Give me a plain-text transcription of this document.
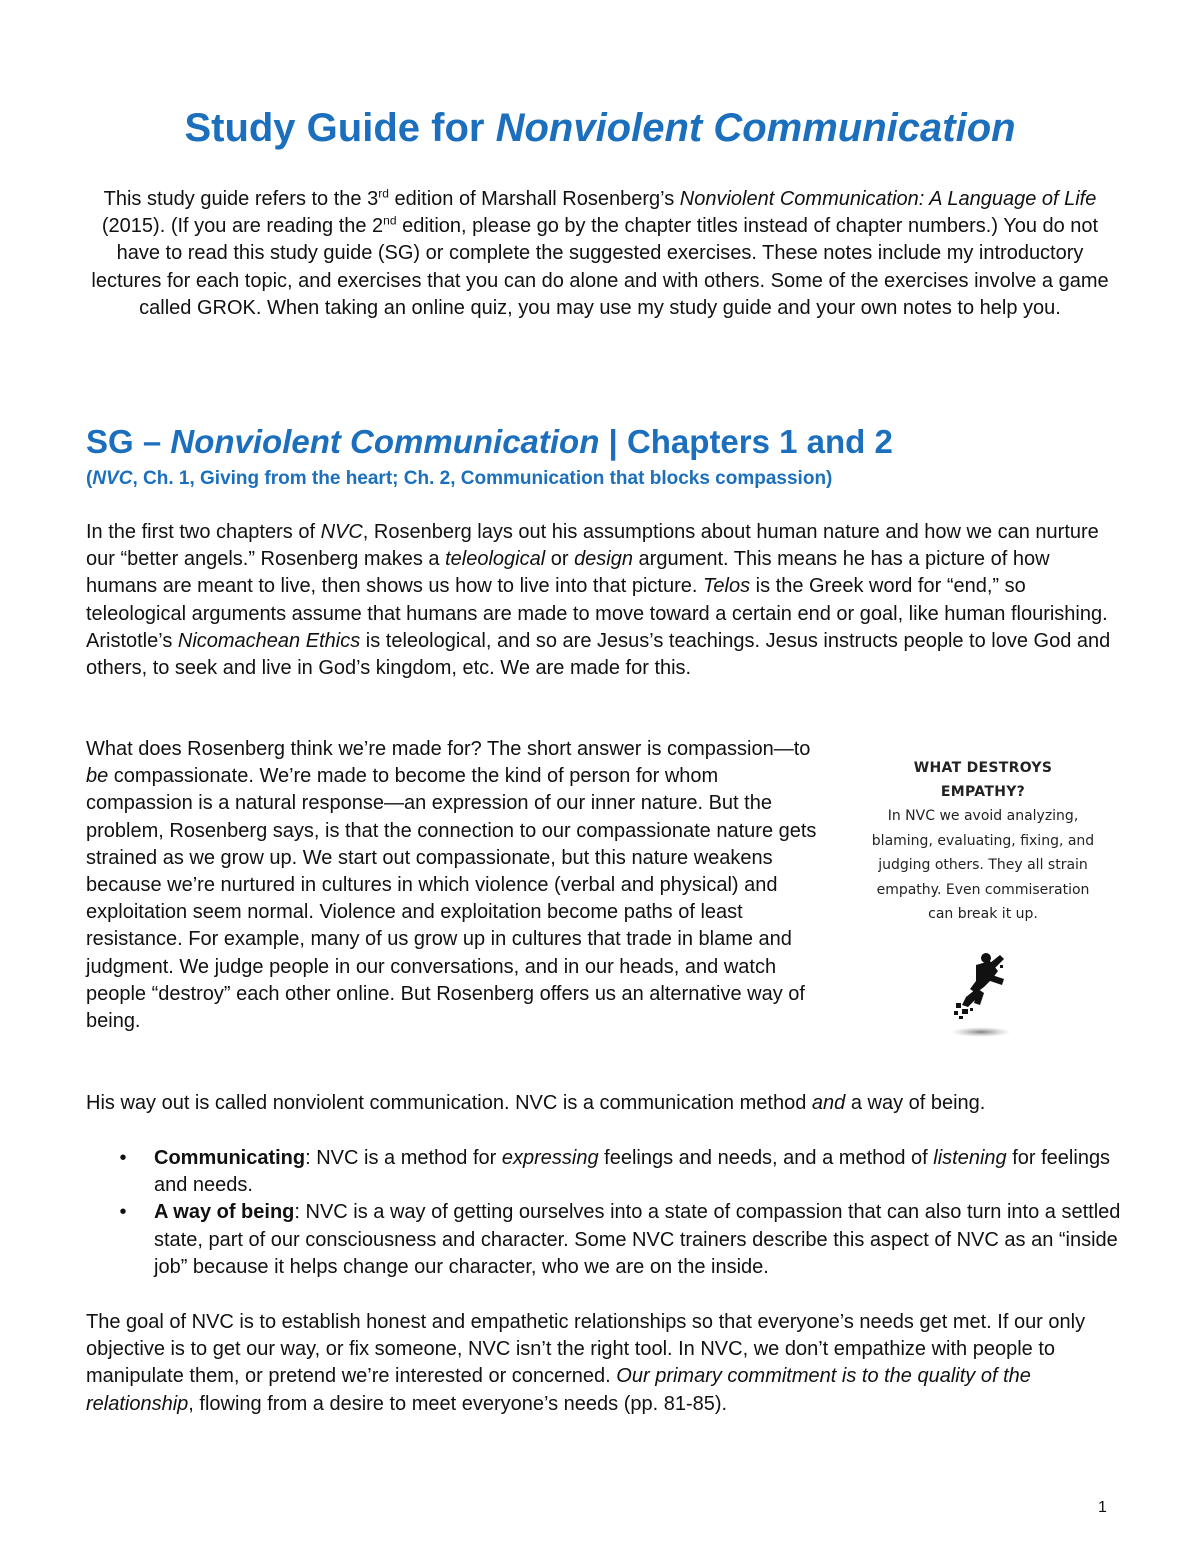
Study Guide for Nonviolent Communication

This study guide refers to the 3rd edition of Marshall Rosenberg’s Nonviolent Communication: A Language of Life (2015). (If you are reading the 2nd edition, please go by the chapter titles instead of chapter numbers.) You do not have to read this study guide (SG) or complete the suggested exercises. These notes include my introductory lectures for each topic, and exercises that you can do alone and with others. Some of the exercises involve a game called GROK. When taking an online quiz, you may use my study guide and your own notes to help you.

SG – Nonviolent Communication | Chapters 1 and 2
(NVC, Ch. 1, Giving from the heart; Ch. 2, Communication that blocks compassion)

In the first two chapters of NVC, Rosenberg lays out his assumptions about human nature and how we can nurture our “better angels.” Rosenberg makes a teleological or design argument. This means he has a picture of how humans are meant to live, then shows us how to live into that picture. Telos is the Greek word for “end,” so teleological arguments assume that humans are made to move toward a certain end or goal, like human flourishing. Aristotle’s Nicomachean Ethics is teleological, and so are Jesus’s teachings. Jesus instructs people to love God and others, to seek and live in God’s kingdom, etc. We are made for this.

What does Rosenberg think we’re made for? The short answer is compassion—to be compassionate. We’re made to become the kind of person for whom compassion is a natural response—an expression of our inner nature. But the problem, Rosenberg says, is that the connection to our compassionate nature gets strained as we grow up. We start out compassionate, but this nature weakens because we’re nurtured in cultures in which violence (verbal and physical) and exploitation seem normal. Violence and exploitation become paths of least resistance. For example, many of us grow up in cultures that trade in blame and judgment. We judge people in our conversations, and in our heads, and watch people “destroy” each other online. But Rosenberg offers us an alternative way of being.

WHAT DESTROYS
EMPATHY?
In NVC we avoid analyzing,
blaming, evaluating, fixing, and
judging others. They all strain
empathy. Even commiseration
can break it up.

His way out is called nonviolent communication. NVC is a communication method and a way of being.

• Communicating: NVC is a method for expressing feelings and needs, and a method of listening for feelings and needs.
• A way of being: NVC is a way of getting ourselves into a state of compassion that can also turn into a settled state, part of our consciousness and character. Some NVC trainers describe this aspect of NVC as an “inside job” because it helps change our character, who we are on the inside.

The goal of NVC is to establish honest and empathetic relationships so that everyone’s needs get met. If our only objective is to get our way, or fix someone, NVC isn’t the right tool. In NVC, we don’t empathize with people to manipulate them, or pretend we’re interested or concerned. Our primary commitment is to the quality of the relationship, flowing from a desire to meet everyone’s needs (pp. 81-85).

1
